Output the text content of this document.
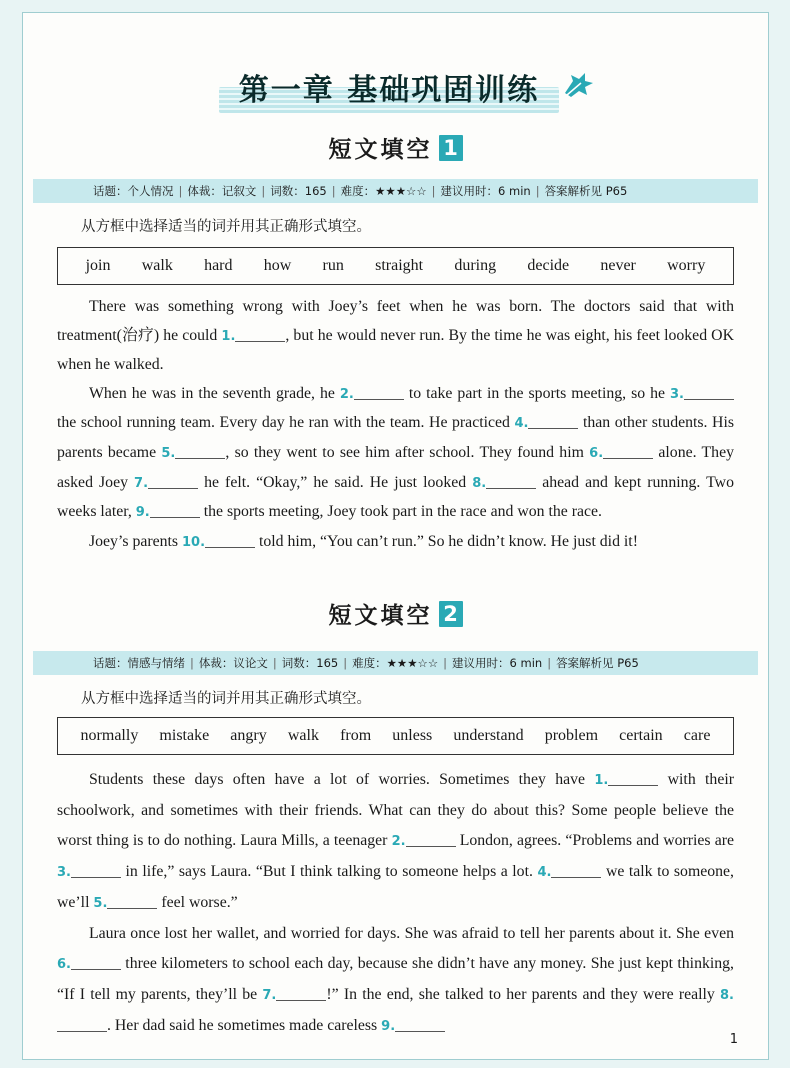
第一章 基础巩固训练
短文填空 1
话题：个人情况 | 体裁：记叙文 | 词数：165 | 难度：★★★☆☆ | 建议用时：6 min | 答案解析见 P65
从方框中选择适当的词并用其正确形式填空。
join walk hard how run straight during decide never worry

There was something wrong with Joey’s feet when he was born. The doctors said that with treatment(治疗) he could 1.	, but he would never run. By the time he was eight, his feet looked OK when he walked.

When he was in the seventh grade, he 2.	to take part in the sports meeting, so he 3. the school running team. Every day he ran with the team. He practiced 4.	than other students. His parents became 5.	, so they went to see him after school. They found him 6.	alone. They asked Joey 7.	he felt. “Okay,” he said. He just looked 8.	ahead and kept running. Two weeks later, 9.	the sports meeting, Joey took part in the race and won the race.

Joey’s parents 10.	told him, “You can’t run.” So he didn’t know. He just did it!

短文填空 2
话题：情感与情绪 | 体裁：议论文 | 词数：165 | 难度：★★★☆☆ | 建议用时：6 min | 答案解析见 P65
从方框中选择适当的词并用其正确形式填空。
normally mistake angry walk from unless understand problem certain care

Students these days often have a lot of worries. Sometimes they have 1.	with their schoolwork, and sometimes with their friends. What can they do about this? Some people believe the worst thing is to do nothing. Laura Mills, a teenager 2.	London, agrees. “Problems and worries are 3.	in life,” says Laura. “But I think talking to someone helps a lot. 4.	we talk to someone, we’ll 5.	feel worse.”

Laura once lost her wallet, and worried for days. She was afraid to tell her parents about it. She even 6.	three kilometers to school each day, because she didn’t have any money. She just kept thinking, “If I tell my parents, they’ll be 7.	!” In the end, she talked to her parents and they were really 8.. Her dad said he sometimes made careless 9.

1
